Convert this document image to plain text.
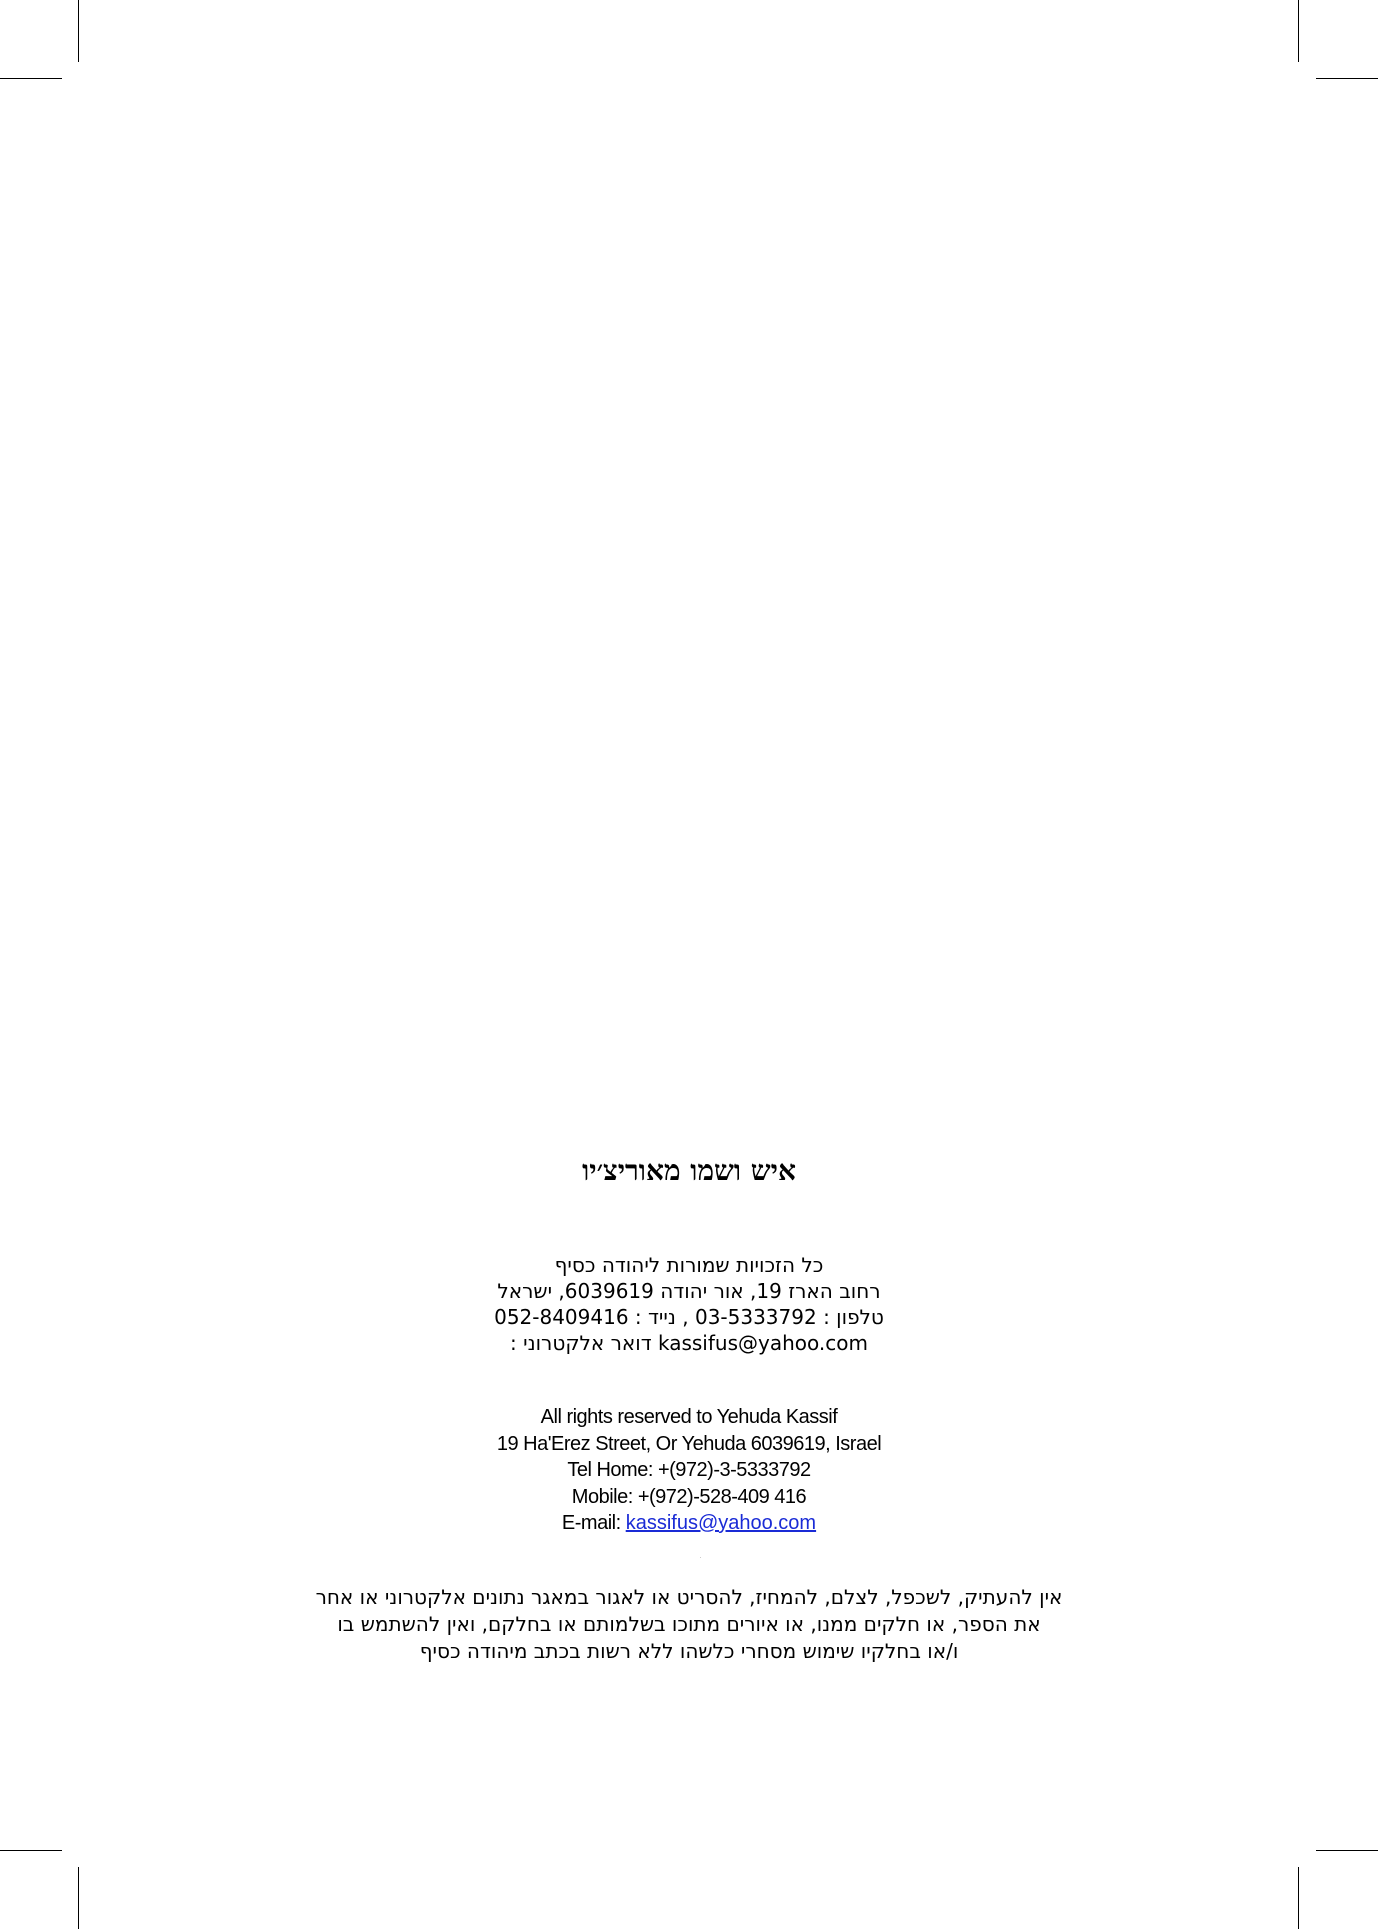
איש ושמו מאוריצ׳יו
כל הזכויות שמורות ליהודה כסיף
רחוב הארז 19, אור יהודה 6039619, ישראל
טלפון : 03-5333792 , נייד : 052-8409416
kassifus@yahoo.com דואר אלקטרוני :
All rights reserved to Yehuda Kassif
19 Ha'Erez Street, Or Yehuda 6039619, Israel
Tel Home: +(972)-3-5333792
Mobile: +(972)-528-409 416
E-mail: kassifus@yahoo.com
אין להעתיק, לשכפל, לצלם, להמחיז, להסריט או לאגור במאגר נתונים אלקטרוני או אחר
את הספר, או חלקים ממנו, או איורים מתוכו בשלמותם או בחלקם, ואין להשתמש בו
ו/או בחלקיו שימוש מסחרי כלשהו ללא רשות בכתב מיהודה כסיף
